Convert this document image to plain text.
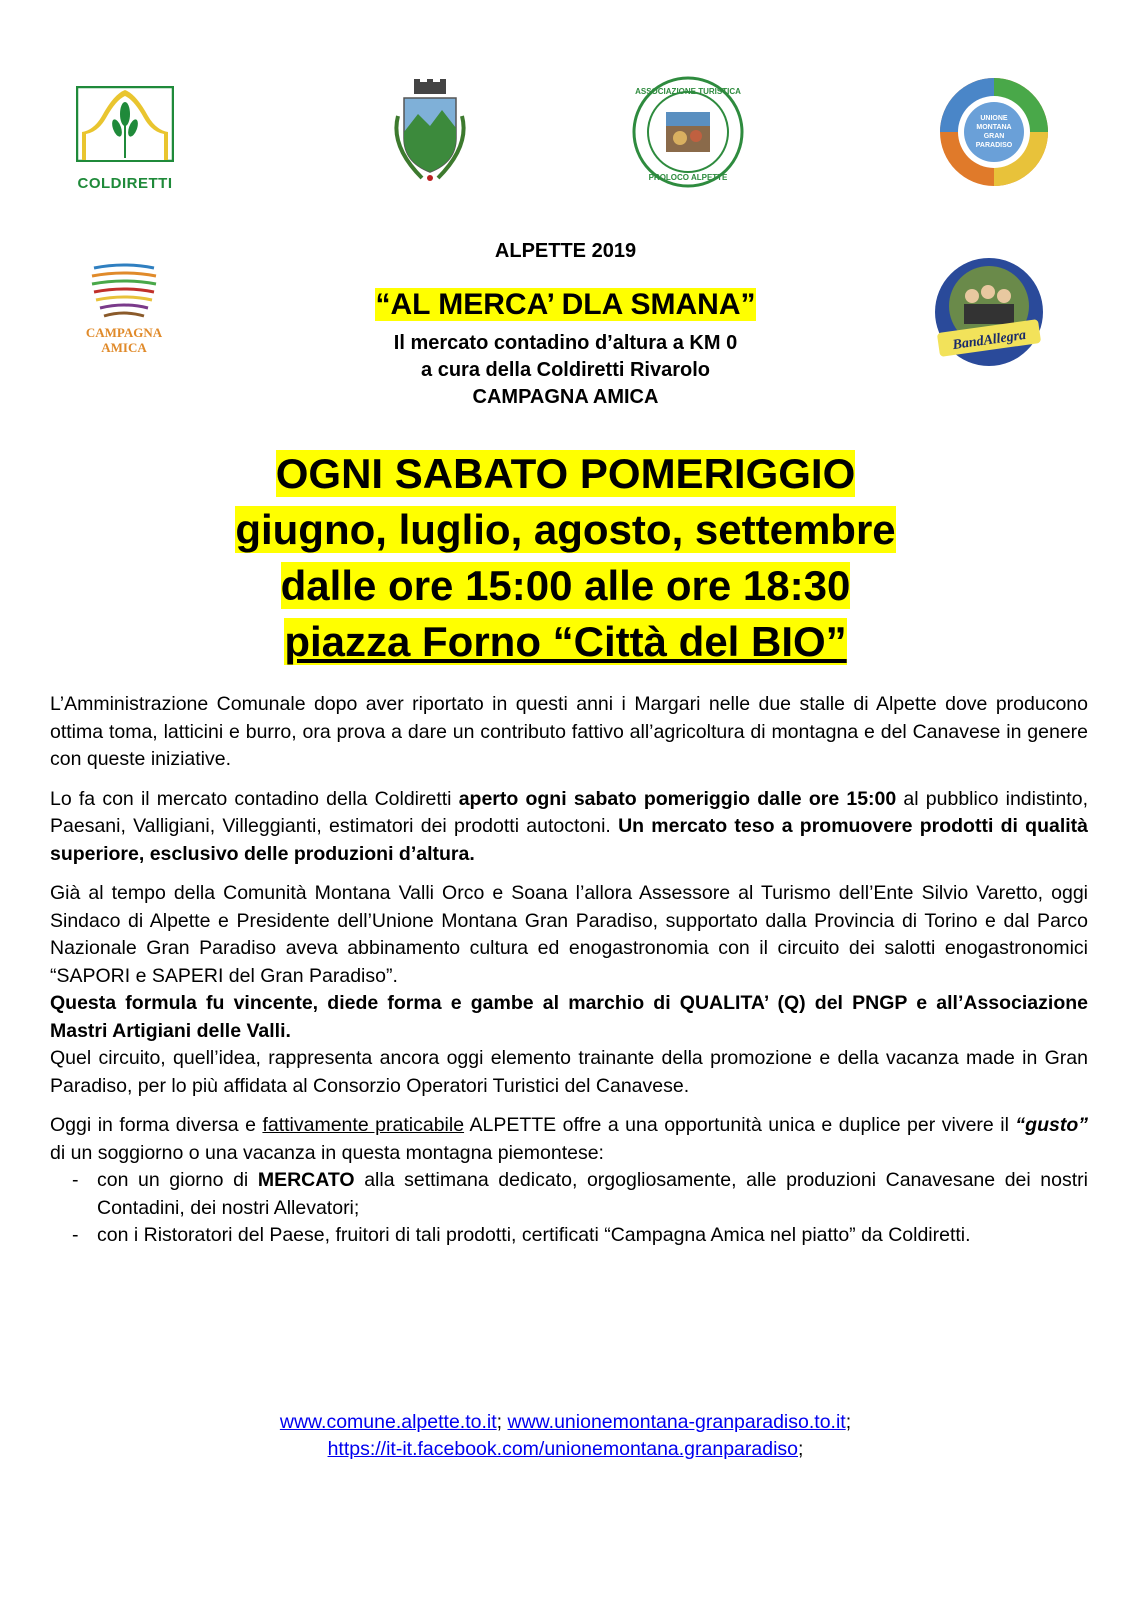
COLDIRETTI
ASSOCIAZIONE TURISTICA
PROLOCO ALPETTE
UNIONE
MONTANA
GRAN
PARADISO
CAMPAGNA
AMICA	BandAllegra
ALPETTE 2019
“AL MERCA’ DLA SMANA”
Il mercato contadino d’altura a KM 0
a cura della Coldiretti Rivarolo
CAMPAGNA AMICA
OGNI SABATO POMERIGGIO
giugno, luglio, agosto, settembre
dalle ore 15:00 alle ore 18:30
piazza Forno “Città del BIO”

L’Amministrazione Comunale dopo aver riportato in questi anni i Margari nelle due stalle di Alpette dove producono ottima toma, latticini e burro, ora prova a dare un contributo fattivo all’agricoltura di montagna e del Canavese in genere con queste iniziative.

Lo fa con il mercato contadino della Coldiretti aperto ogni sabato pomeriggio dalle ore 15:00 al pubblico indistinto, Paesani, Valligiani, Villeggianti, estimatori dei prodotti autoctoni. Un mercato teso a promuovere prodotti di qualità superiore, esclusivo delle produzioni d’altura.

Già al tempo della Comunità Montana Valli Orco e Soana l’allora Assessore al Turismo dell’Ente Silvio Varetto, oggi Sindaco di Alpette e Presidente dell’Unione Montana Gran Paradiso, supportato dalla Provincia di Torino e dal Parco Nazionale Gran Paradiso aveva abbinamento cultura ed enogastronomia con il circuito dei salotti enogastronomici “SAPORI e SAPERI del Gran Paradiso”.

Questa formula fu vincente, diede forma e gambe al marchio di QUALITA’ (Q) del PNGP e all’Associazione Mastri Artigiani delle Valli.

Quel circuito, quell’idea, rappresenta ancora oggi elemento trainante della promozione e della vacanza made in Gran Paradiso, per lo più affidata al Consorzio Operatori Turistici del Canavese.

Oggi in forma diversa e fattivamente praticabile ALPETTE offre a una opportunità unica e duplice per vivere il “gusto” di un soggiorno o una vacanza in questa montagna piemontese:

- con un giorno di MERCATO alla settimana dedicato, orgogliosamente, alle produzioni Canavesane dei nostri Contadini, dei nostri Allevatori;
- con i Ristoratori del Paese, fruitori di tali prodotti, certificati “Campagna Amica nel piatto” da Coldiretti.
www.comune.alpette.to.it; www.unionemontana-granparadiso.to.it;
https://it-it.facebook.com/unionemontana.granparadiso;
